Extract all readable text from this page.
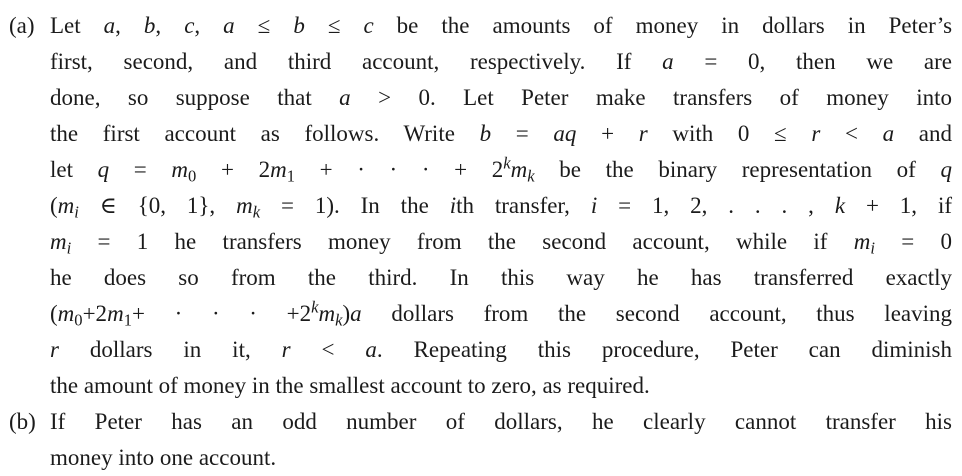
(a) Let a, b, c, a ≤ b ≤ c be the amounts of money in dollars in Peter’s
first, second, and third account, respectively. If a = 0, then we are
done, so suppose that a > 0. Let Peter make transfers of money into
the first account as follows. Write b = aq + r with 0 ≤ r < a and
let $q = m_0 + 2m_1$ + · · · + $2^km_k$ be the binary representation of q
($m_i$ ∈ {0, 1}, $m_k = 1$). In the ith transfer, i = 1, 2, . . . , k + 1, if
$m_i = 1$ he transfers money from the second account, while if $m_i = 0$
he does so from the third. In this way he has transferred exactly
($m_0+2m_1+$ · · · $+2^km_k)a$ dollars from the second account, thus leaving
r dollars in it, r < a. Repeating this procedure, Peter can diminish
the amount of money in the smallest account to zero, as required.
(b) If Peter has an odd number of dollars, he clearly cannot transfer his
money into one account.
